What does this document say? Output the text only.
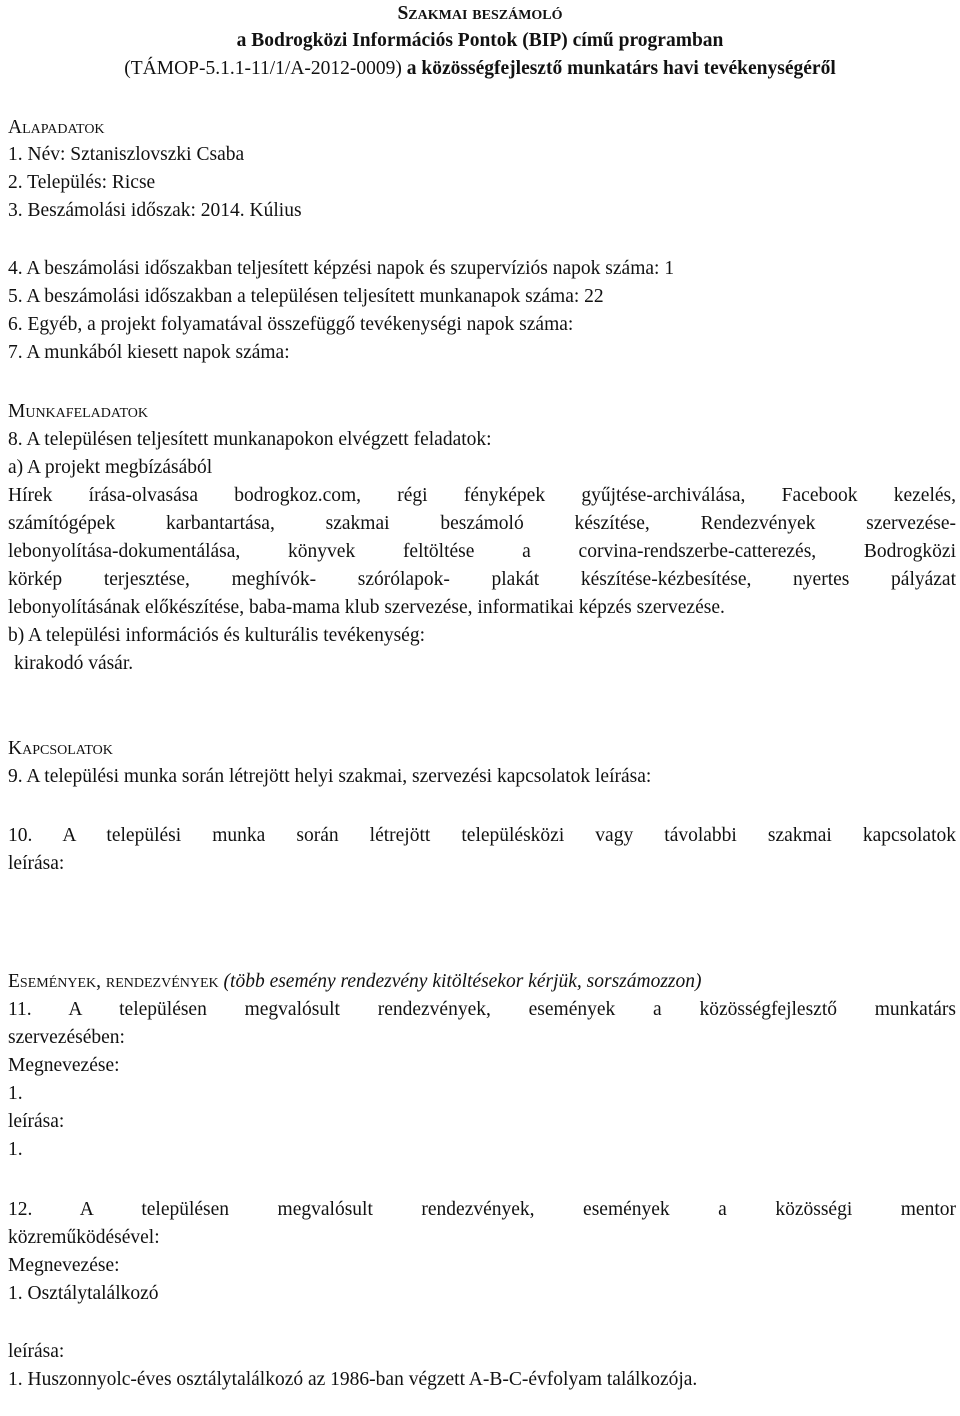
Szakmai beszámoló
a Bodrogközi Információs Pontok (BIP) című programban
(TÁMOP-5.1.1-11/1/A-2012-0009) a közösségfejlesztő munkatárs havi tevékenységéről
Alapadatok
1. Név: Sztaniszlovszki Csaba
2. Település: Ricse
3. Beszámolási időszak: 2014. Kúlius
4. A beszámolási időszakban teljesített képzési napok és szupervíziós napok száma: 1
5. A beszámolási időszakban a településen teljesített munkanapok száma: 22
6. Egyéb, a projekt folyamatával összefüggő tevékenységi napok száma:
7. A munkából kiesett napok száma:
Munkafeladatok
8. A településen teljesített munkanapokon elvégzett feladatok:
a) A projekt megbízásából
Hírek írása-olvasása bodrogkoz.com, régi fényképek gyűjtése-archiválása, Facebook kezelés,
számítógépek karbantartása, szakmai beszámoló készítése, Rendezvények szervezése-
lebonyolítása-dokumentálása, könyvek feltöltése a corvina-rendszerbe-catterezés, Bodrogközi
körkép terjesztése, meghívók- szórólapok- plakát készítése-kézbesítése, nyertes pályázat
lebonyolításának előkészítése, baba-mama klub szervezése, informatikai képzés szervezése.
b) A települési információs és kulturális tevékenység:
kirakodó vásár.
Kapcsolatok
9. A települési munka során létrejött helyi szakmai, szervezési kapcsolatok leírása:
10. A települési munka során létrejött településközi vagy távolabbi szakmai kapcsolatok
leírása:
Események, rendezvények (több esemény rendezvény kitöltésekor kérjük, sorszámozzon)
11. A településen megvalósult rendezvények, események a közösségfejlesztő munkatárs
szervezésében:
Megnevezése:
1.
leírása:
1.
12. A településen megvalósult rendezvények, események a közösségi mentor
közreműködésével:
Megnevezése:
1. Osztálytalálkozó
leírása:
1. Huszonnyolc-éves osztálytalálkozó az 1986-ban végzett A-B-C-évfolyam találkozója.
